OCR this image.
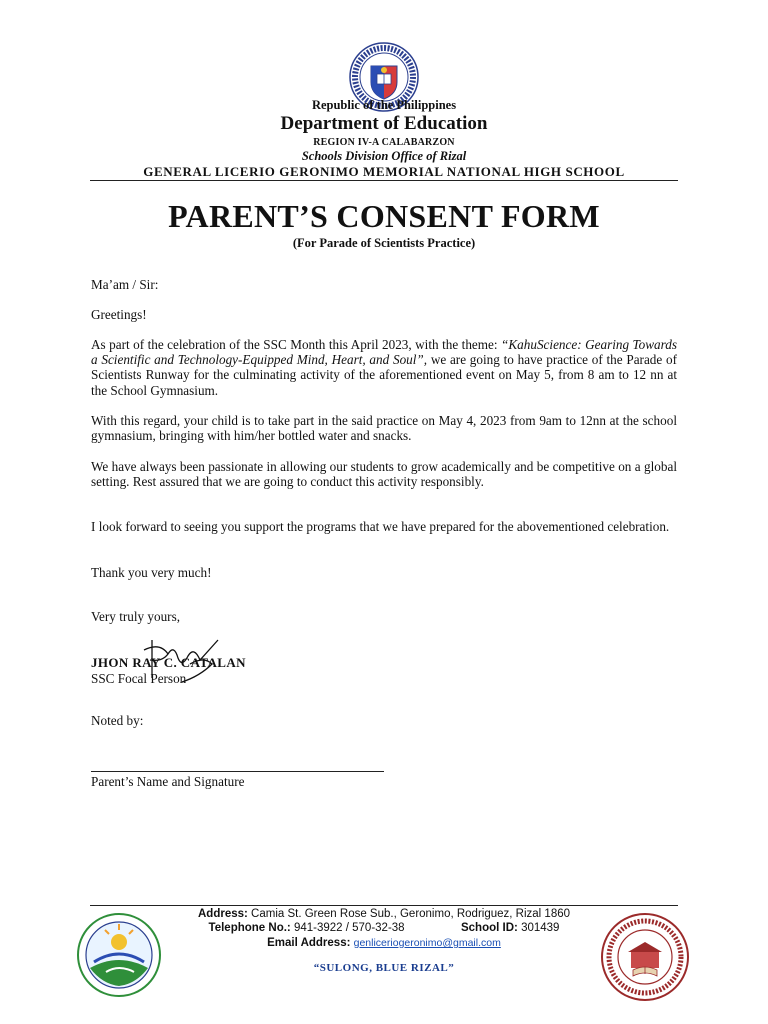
Republic of the Philippines
Department of Education
REGION IV-A CALABARZON
Schools Division Office of Rizal
GENERAL LICERIO GERONIMO MEMORIAL NATIONAL HIGH SCHOOL
PARENT’S CONSENT FORM
(For Parade of Scientists Practice)
Ma’am / Sir:
Greetings!

As part of the celebration of the SSC Month this April 2023, with the theme: “KahuScience: Gearing Towards a Scientific and Technology-Equipped Mind, Heart, and Soul”, we are going to have practice of the Parade of Scientists Runway for the culminating activity of the aforementioned event on May 5, from 8 am to 12 nn at the School Gymnasium.

With this regard, your child is to take part in the said practice on May 4, 2023 from 9am to 12nn at the school gymnasium, bringing with him/her bottled water and snacks.
We have always been passionate in allowing our students to grow academically and be competitive on a global setting. Rest assured that we are going to conduct this activity responsibly.
I look forward to seeing you support the programs that we have prepared for the abovementioned celebration.
Thank you very much!
Very truly yours,
JHON RAY C. CATALAN
SSC Focal Person
Noted by:
Parent’s Name and Signature
Address: Camia St. Green Rose Sub., Geronimo, Rodriguez, Rizal 1860
Telephone No.: 941-3922 / 570-32-38	School ID: 301439
Email Address: genliceriogeronimo@gmail.com
“SULONG, BLUE RIZAL”
